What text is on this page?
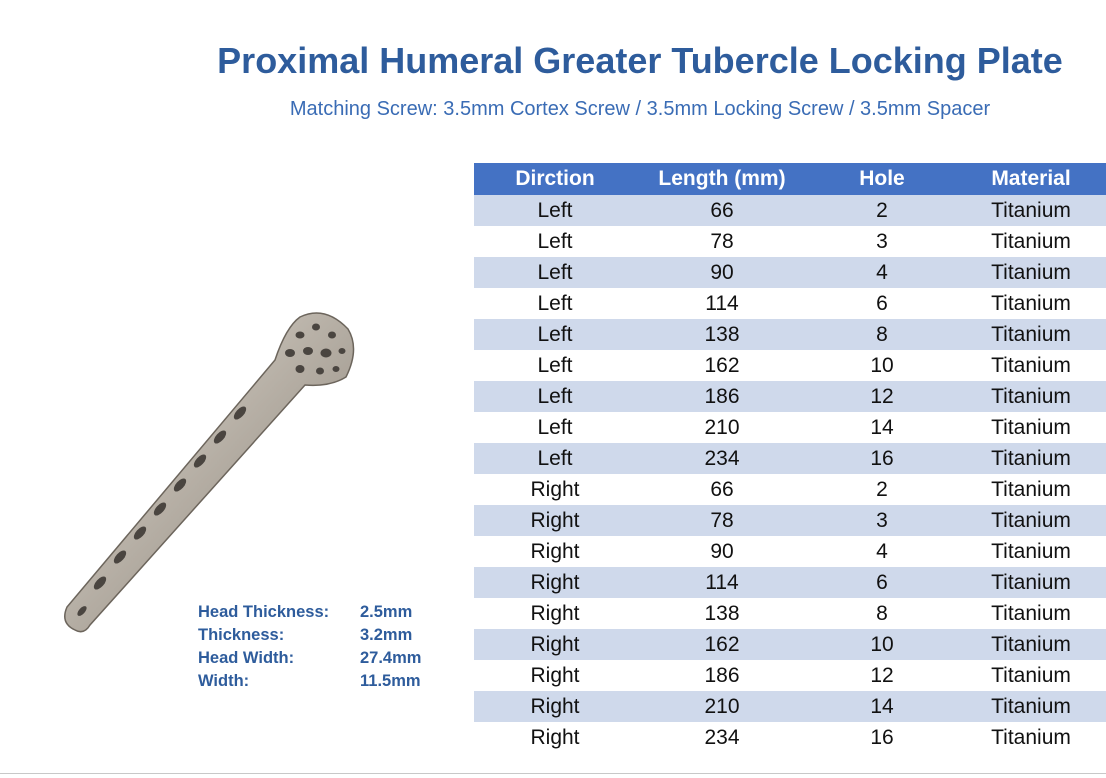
Proximal Humeral Greater Tubercle Locking Plate
Matching Screw: 3.5mm Cortex Screw / 3.5mm Locking Screw / 3.5mm Spacer
Dirction	Length (mm)	Hole	Material
Left	66	2	Titanium
Left	78	3	Titanium
Left	90	4	Titanium
Left	114	6	Titanium
Left	138	8	Titanium
Left	162	10	Titanium
Left	186	12	Titanium
Left	210	14	Titanium
Left	234	16	Titanium
Right	66	2	Titanium
Right	78	3	Titanium
Right	90	4	Titanium
Right	114	6	Titanium
Right	138	8	Titanium
Right	162	10	Titanium
Right	186	12	Titanium
Right	210	14	Titanium
Right	234	16	Titanium
Head Thickness:	2.5mm
Thickness:	3.2mm
Head Width:	27.4mm
Width:	11.5mm
